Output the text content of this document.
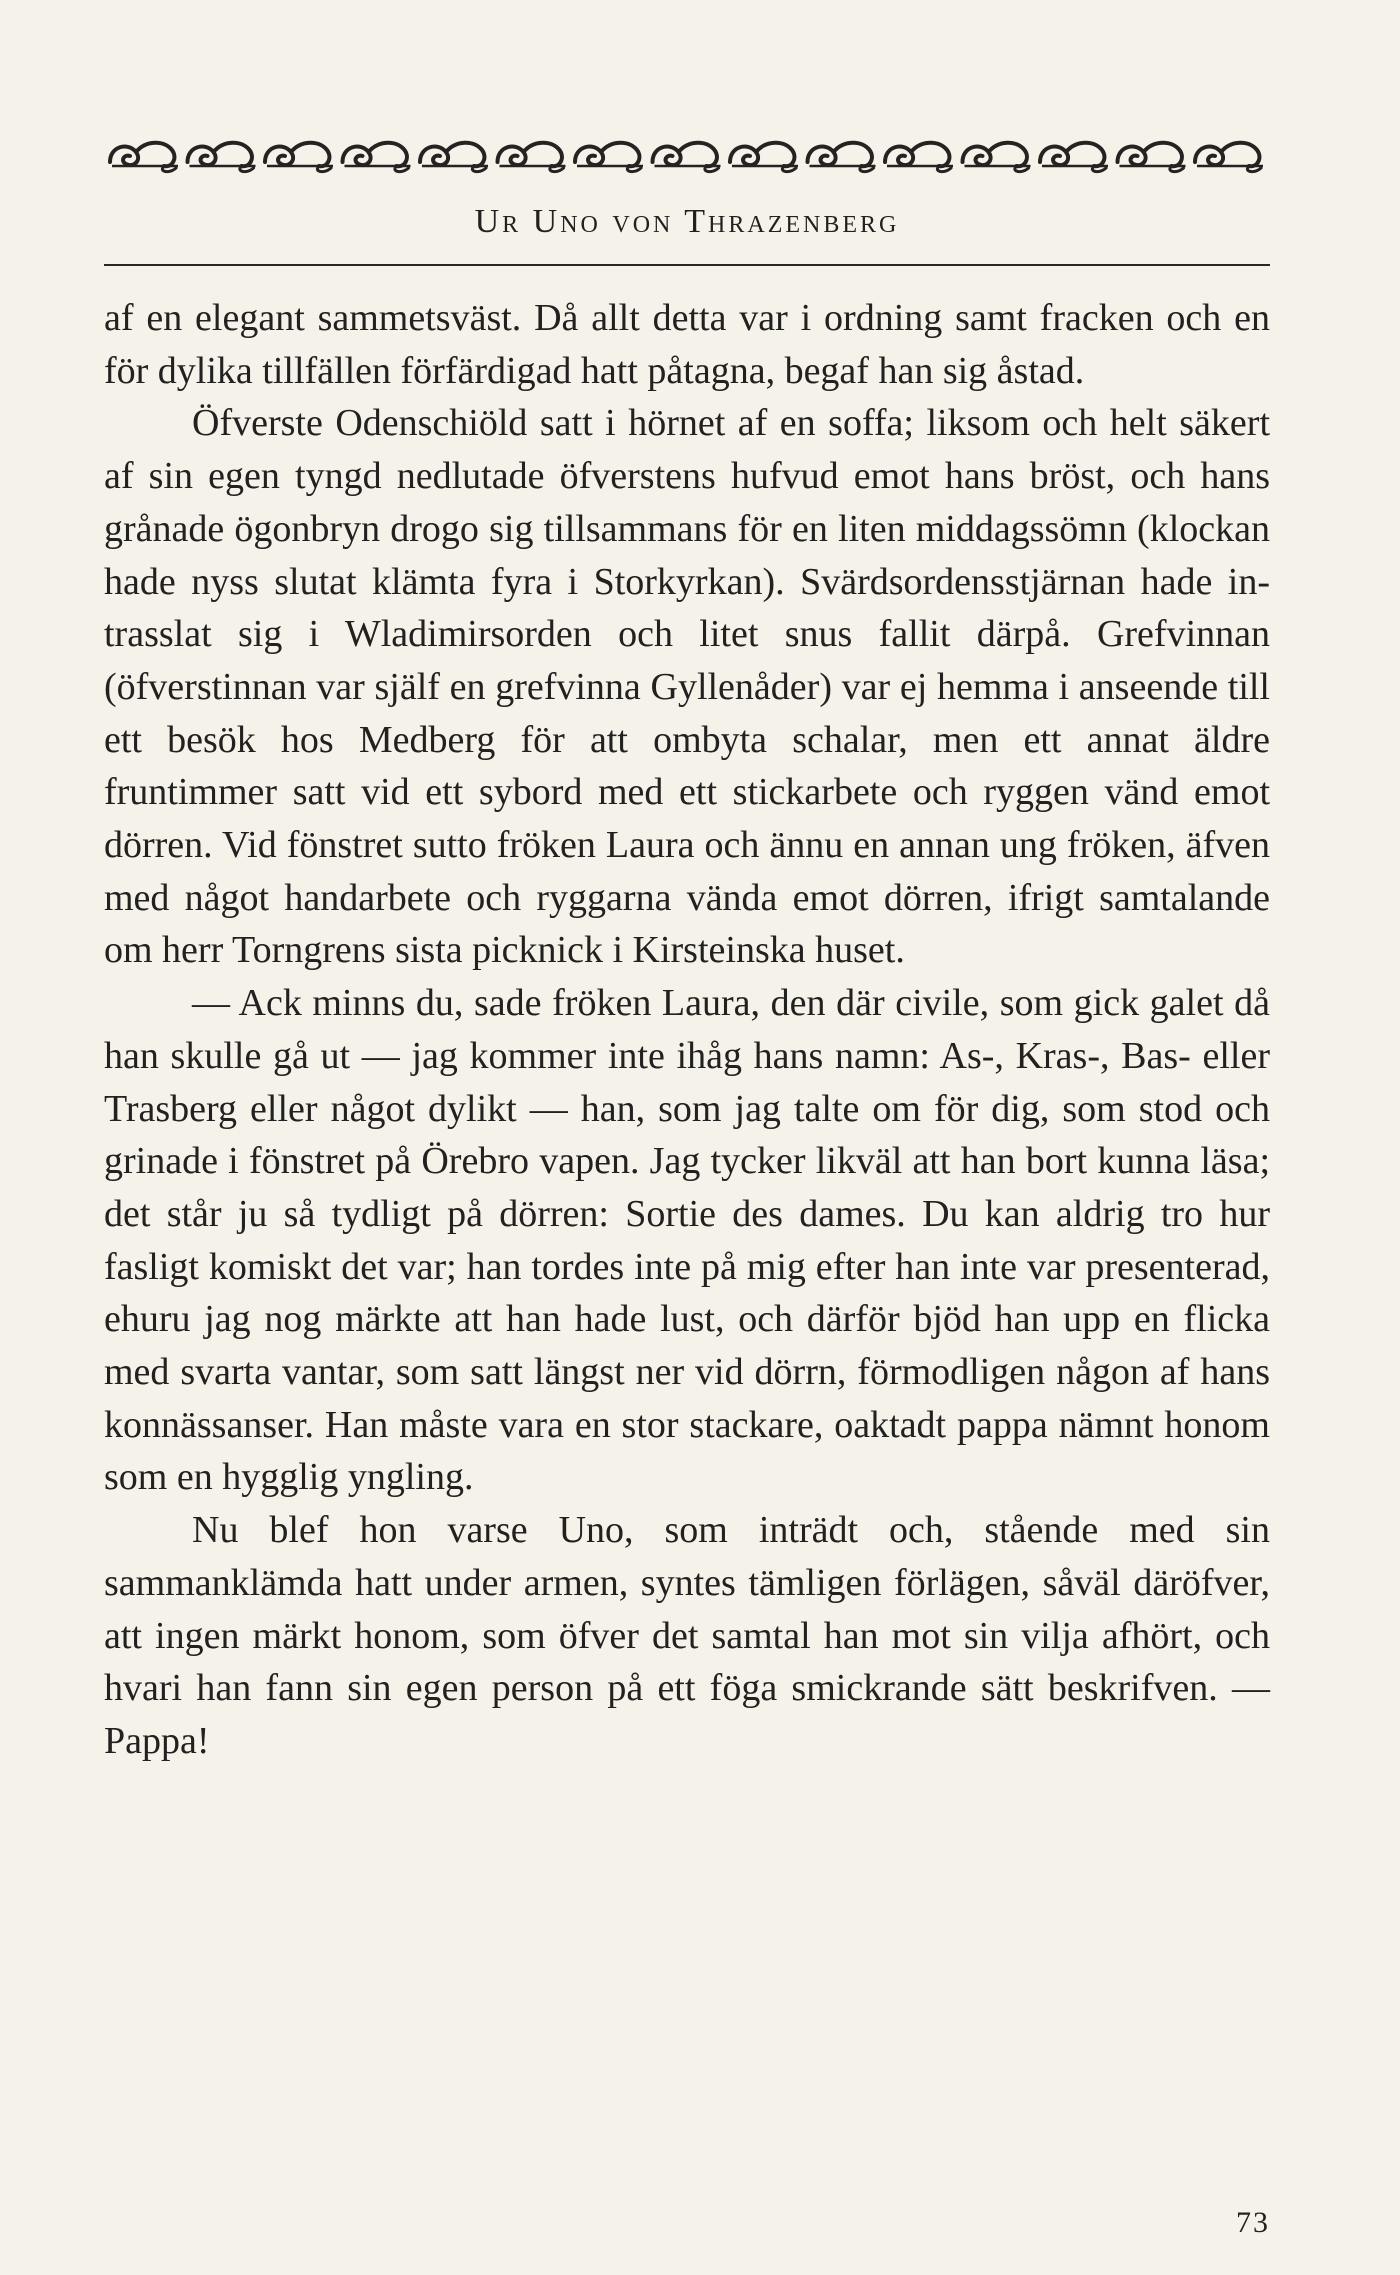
Ur Uno von Thrazenberg

af en elegant sammetsväst. Då allt detta var i ordning samt fracken och en för dylika tillfällen förfärdigad hatt påtagna, begaf han sig åstad.

Öfverste Odenschiöld satt i hörnet af en soffa; liksom och helt säkert af sin egen tyngd nedlutade öfverstens hufvud emot hans bröst, och hans grånade ögonbryn drogo sig tillsammans för en liten middagssömn (klockan hade nyss slutat klämta fyra i Storkyrkan). Svärdsordensstjärnan hade intrasslat sig i Wladimirsorden och litet snus fallit därpå. Grefvinnan (öfverstinnan var själf en grefvinna Gyllenåder) var ej hemma i anseende till ett besök hos Medberg för att ombyta schalar, men ett annat äldre fruntimmer satt vid ett sybord med ett stickarbete och ryggen vänd emot dörren. Vid fönstret sutto fröken Laura och ännu en annan ung fröken, äfven med något handarbete och ryggarna vända emot dörren, ifrigt samtalande om herr Torngrens sista picknick i Kirsteinska huset.

— Ack minns du, sade fröken Laura, den där civile, som gick galet då han skulle gå ut — jag kommer inte ihåg hans namn: As-, Kras-, Bas- eller Trasberg eller något dylikt — han, som jag talte om för dig, som stod och grinade i fönstret på Örebro vapen. Jag tycker likväl att han bort kunna läsa; det står ju så tydligt på dörren: Sortie des dames. Du kan aldrig tro hur fasligt komiskt det var; han tordes inte på mig efter han inte var presenterad, ehuru jag nog märkte att han hade lust, och därför bjöd han upp en flicka med svarta vantar, som satt längst ner vid dörrn, förmodligen någon af hans konnässanser. Han måste vara en stor stackare, oaktadt pappa nämnt honom som en hygglig yngling.

Nu blef hon varse Uno, som inträdt och, stående med sin sammanklämda hatt under armen, syntes tämligen förlägen, såväl däröfver, att ingen märkt honom, som öfver det samtal han mot sin vilja afhört, och hvari han fann sin egen person på ett föga smickrande sätt beskrifven. — Pappa!

73
